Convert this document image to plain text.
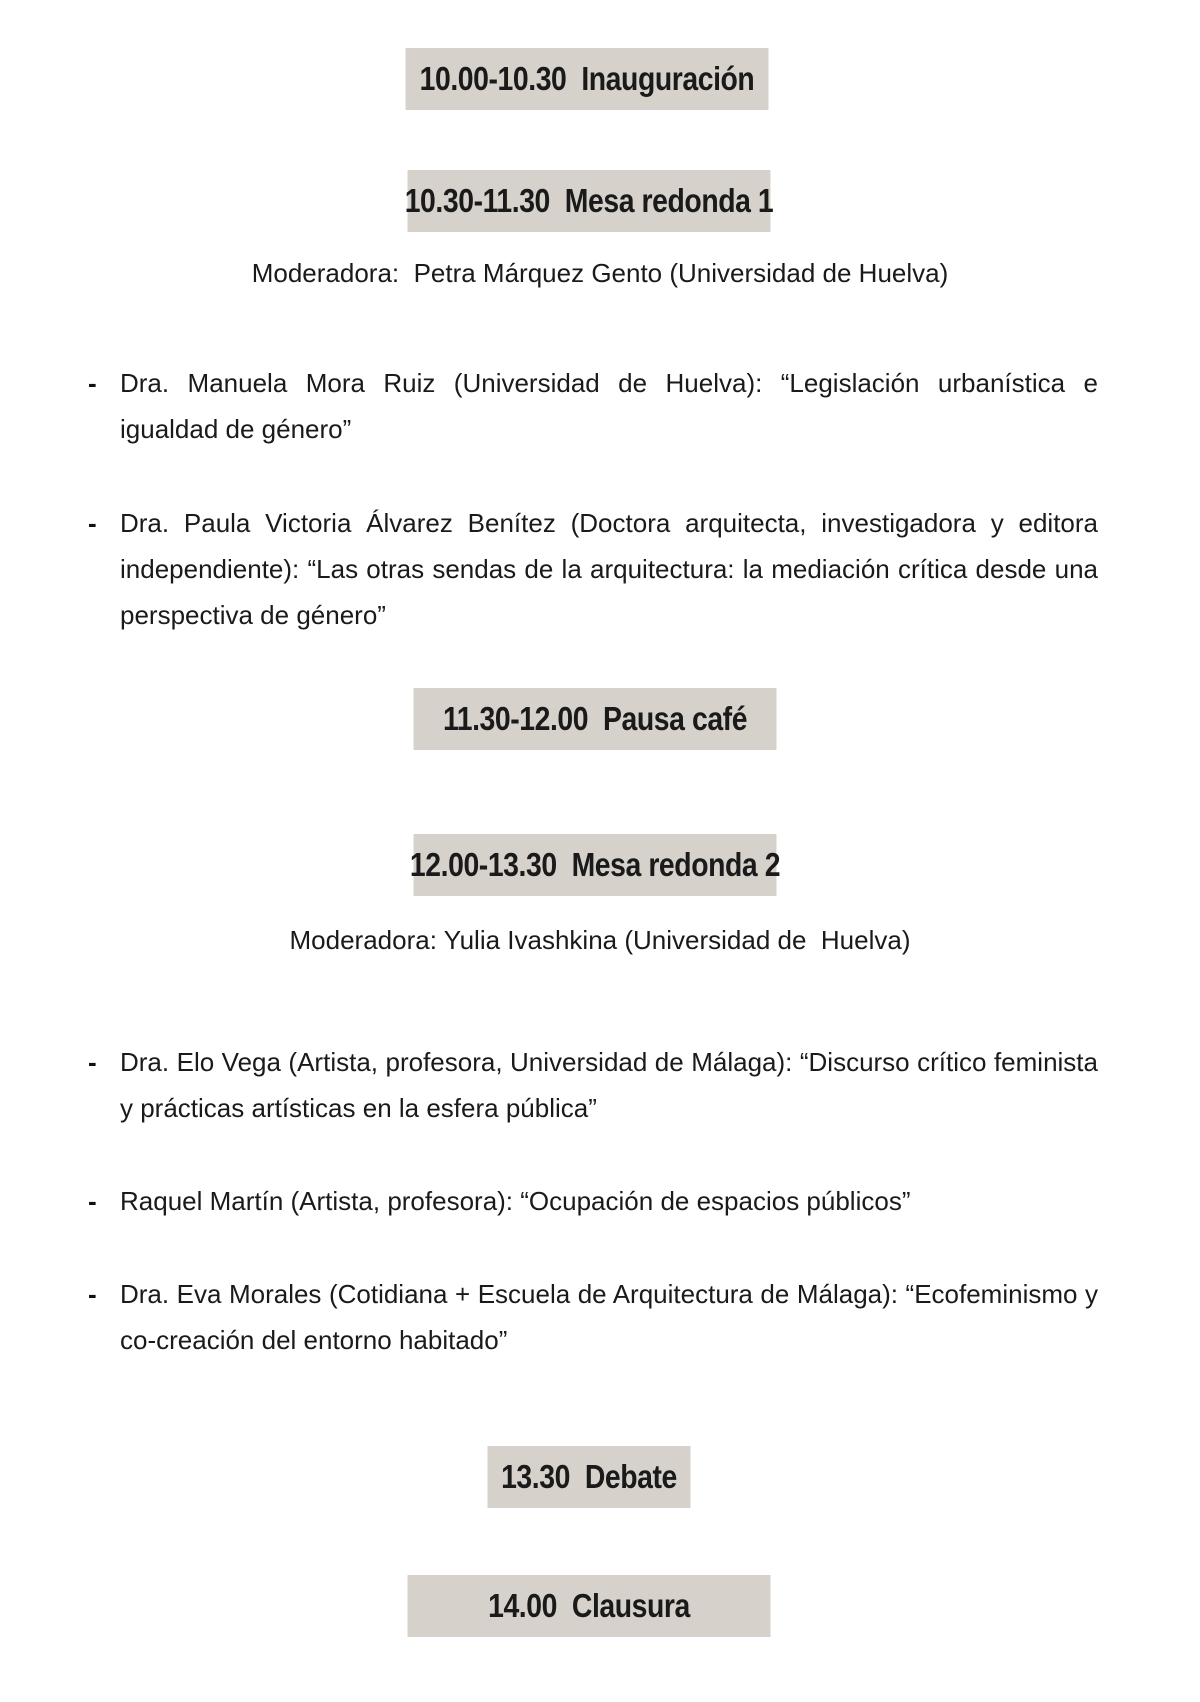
10.00-10.30  Inauguración
10.30-11.30  Mesa redonda 1
Moderadora:  Petra Márquez Gento (Universidad de Huelva)
- Dra. Manuela Mora Ruiz (Universidad de Huelva): “Legislación urbanística e igualdad de género”
- Dra. Paula Victoria Álvarez Benítez (Doctora arquitecta, investigadora y editora independiente): “Las otras sendas de la arquitectura: la mediación crítica desde una perspectiva de género”
11.30-12.00  Pausa café
12.00-13.30  Mesa redonda 2
Moderadora: Yulia Ivashkina (Universidad de  Huelva)
- Dra. Elo Vega (Artista, profesora, Universidad de Málaga): “Discurso crítico feminista y prácticas artísticas en la esfera pública”
- Raquel Martín (Artista, profesora): “Ocupación de espacios públicos”
- Dra. Eva Morales (Cotidiana + Escuela de Arquitectura de Málaga): “Ecofeminismo y co-creación del entorno habitado”
13.30  Debate
14.00  Clausura
